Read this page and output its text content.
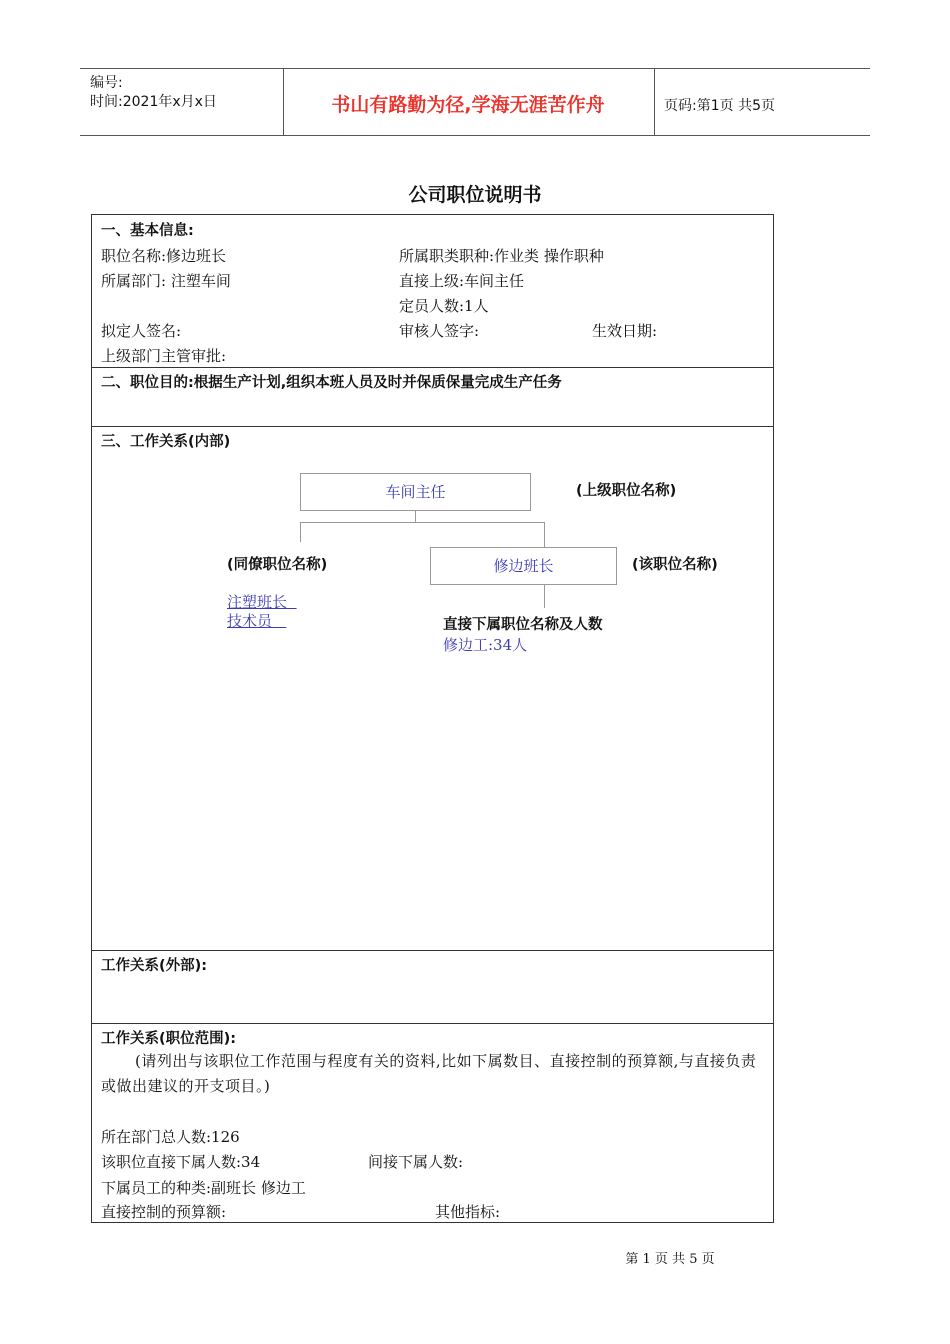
编号:
时间:2021年x月x日	书山有路勤为径,学海无涯苦作舟	页码:第1页 共5页
公司职位说明书
一、基本信息:
职位名称:修边班长	所属职类职种:作业类 操作职种
所属部门: 注塑车间	直接上级:车间主任
定员人数:1人
拟定人签名:	审核人签字:	生效日期:
上级部门主管审批:
二、职位目的:根据生产计划,组织本班人员及时并保质保量完成生产任务
三、工作关系(内部)
车间主任	(上级职位名称)
(同僚职位名称)	修边班长	(该职位名称)
注塑班长
技术员	直接下属职位名称及人数
修边工:34人
工作关系(外部):
工作关系(职位范围):
(请列出与该职位工作范围与程度有关的资料,比如下属数目、直接控制的预算额,与直接负责或做出建议的开支项目。)
所在部门总人数:126
该职位直接下属人数:34	间接下属人数:
下属员工的种类:副班长 修边工
直接控制的预算额:	其他指标:
第 1 页 共 5 页
